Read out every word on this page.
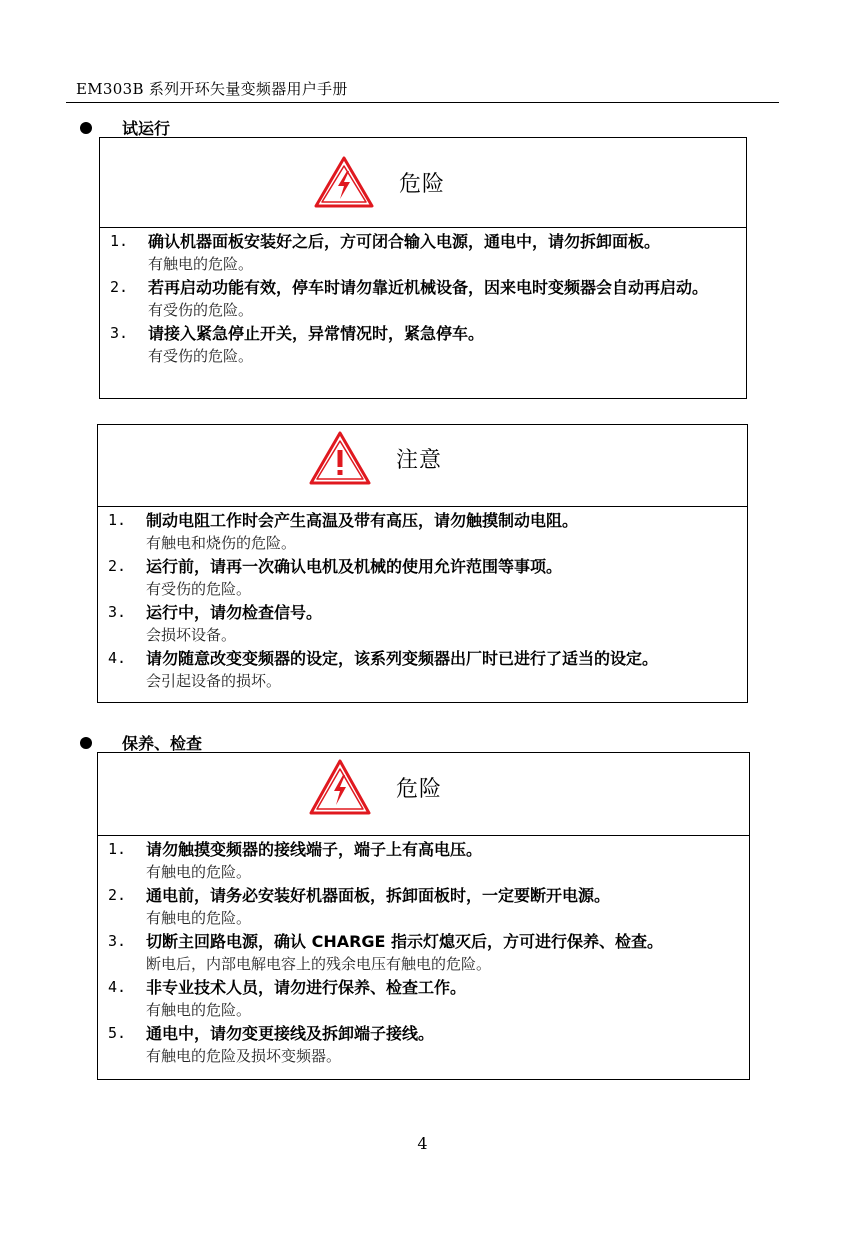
EM303B 系列开环矢量变频器用户手册
试运行
危险
1.	确认机器面板安装好之后，方可闭合输入电源，通电中，请勿拆卸面板。
有触电的危险。
2.	若再启动功能有效，停车时请勿靠近机械设备，因来电时变频器会自动再启动。
有受伤的危险。
3.	请接入紧急停止开关，异常情况时，紧急停车。
有受伤的危险。
注意
1.	制动电阻工作时会产生高温及带有高压，请勿触摸制动电阻。
有触电和烧伤的危险。
2.	运行前，请再一次确认电机及机械的使用允许范围等事项。
有受伤的危险。
3.	运行中，请勿检查信号。
会损坏设备。
4.	请勿随意改变变频器的设定，该系列变频器出厂时已进行了适当的设定。
会引起设备的损坏。
保养、检查
危险
1.	请勿触摸变频器的接线端子，端子上有高电压。
有触电的危险。
2.	通电前，请务必安装好机器面板，拆卸面板时，一定要断开电源。
有触电的危险。
3.	切断主回路电源，确认 CHARGE 指示灯熄灭后，方可进行保养、检查。
断电后，内部电解电容上的残余电压有触电的危险。
4.	非专业技术人员，请勿进行保养、检查工作。
有触电的危险。
5.	通电中，请勿变更接线及拆卸端子接线。
有触电的危险及损坏变频器。
4
